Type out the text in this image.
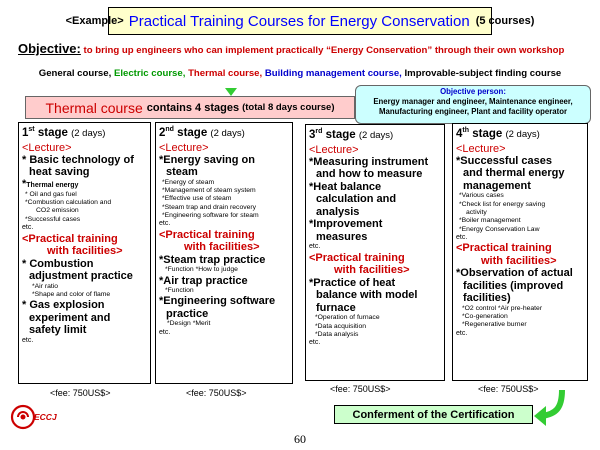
<Example> Practical Training Courses for Energy Conservation (5 courses)
Objective: to bring up engineers who can implement practically “Energy Conservation” through their own workshop
General course, Electric course, Thermal course, Building management course, Improvable-subject finding course
Thermal course contains 4 stages (total 8 days course)
Objective person:
Energy manager and engineer, Maintenance engineer,
Manufacturing engineer, Plant and facility operator
1st stage (2 days)
<Lecture>
* Basic technology of
heat saving
*Thermal energy
* Oil and gas fuel
*Combustion calculation and
CO2 emission
*Successful cases
etc.
<Practical training
with facilities>
* Combustion
adjustment practice
*Air ratio
*Shape and color of flame
* Gas explosion
experiment and
safety limit
etc.
<fee: 750US$>
2nd stage (2 days)
<Lecture>
*Energy saving on
steam
*Energy of steam
*Management of steam system
*Effective use of steam
*Steam trap and drain recovery
*Engineering software for steam
etc.
<Practical training
with facilities>
*Steam trap practice
*Function *How to judge
*Air trap practice
*Function
*Engineering software
practice
*Design *Merit
etc.
<fee: 750US$>
3rd stage (2 days)
<Lecture>
*Measuring instrument
and how to measure
*Heat balance
calculation and
analysis
*Improvement
measures
etc.
<Practical training
with facilities>
*Practice of heat
balance with model
furnace
*Operation of furnace
*Data acquisition
*Data analysis
etc.
<fee: 750US$>
4th stage (2 days)
<Lecture>
*Successful cases
and thermal energy
management
*Various cases
*Check list for energy saving
activity
*Boiler management
*Energy Conservation Law
etc.
<Practical training
with facilities>
*Observation of actual
facilities (improved
facilities)
*O2 control *Air pre-heater
*Co-generation
*Regenerative burner
etc.
<fee: 750US$>
Conferment of the Certification
ECCJ
60
